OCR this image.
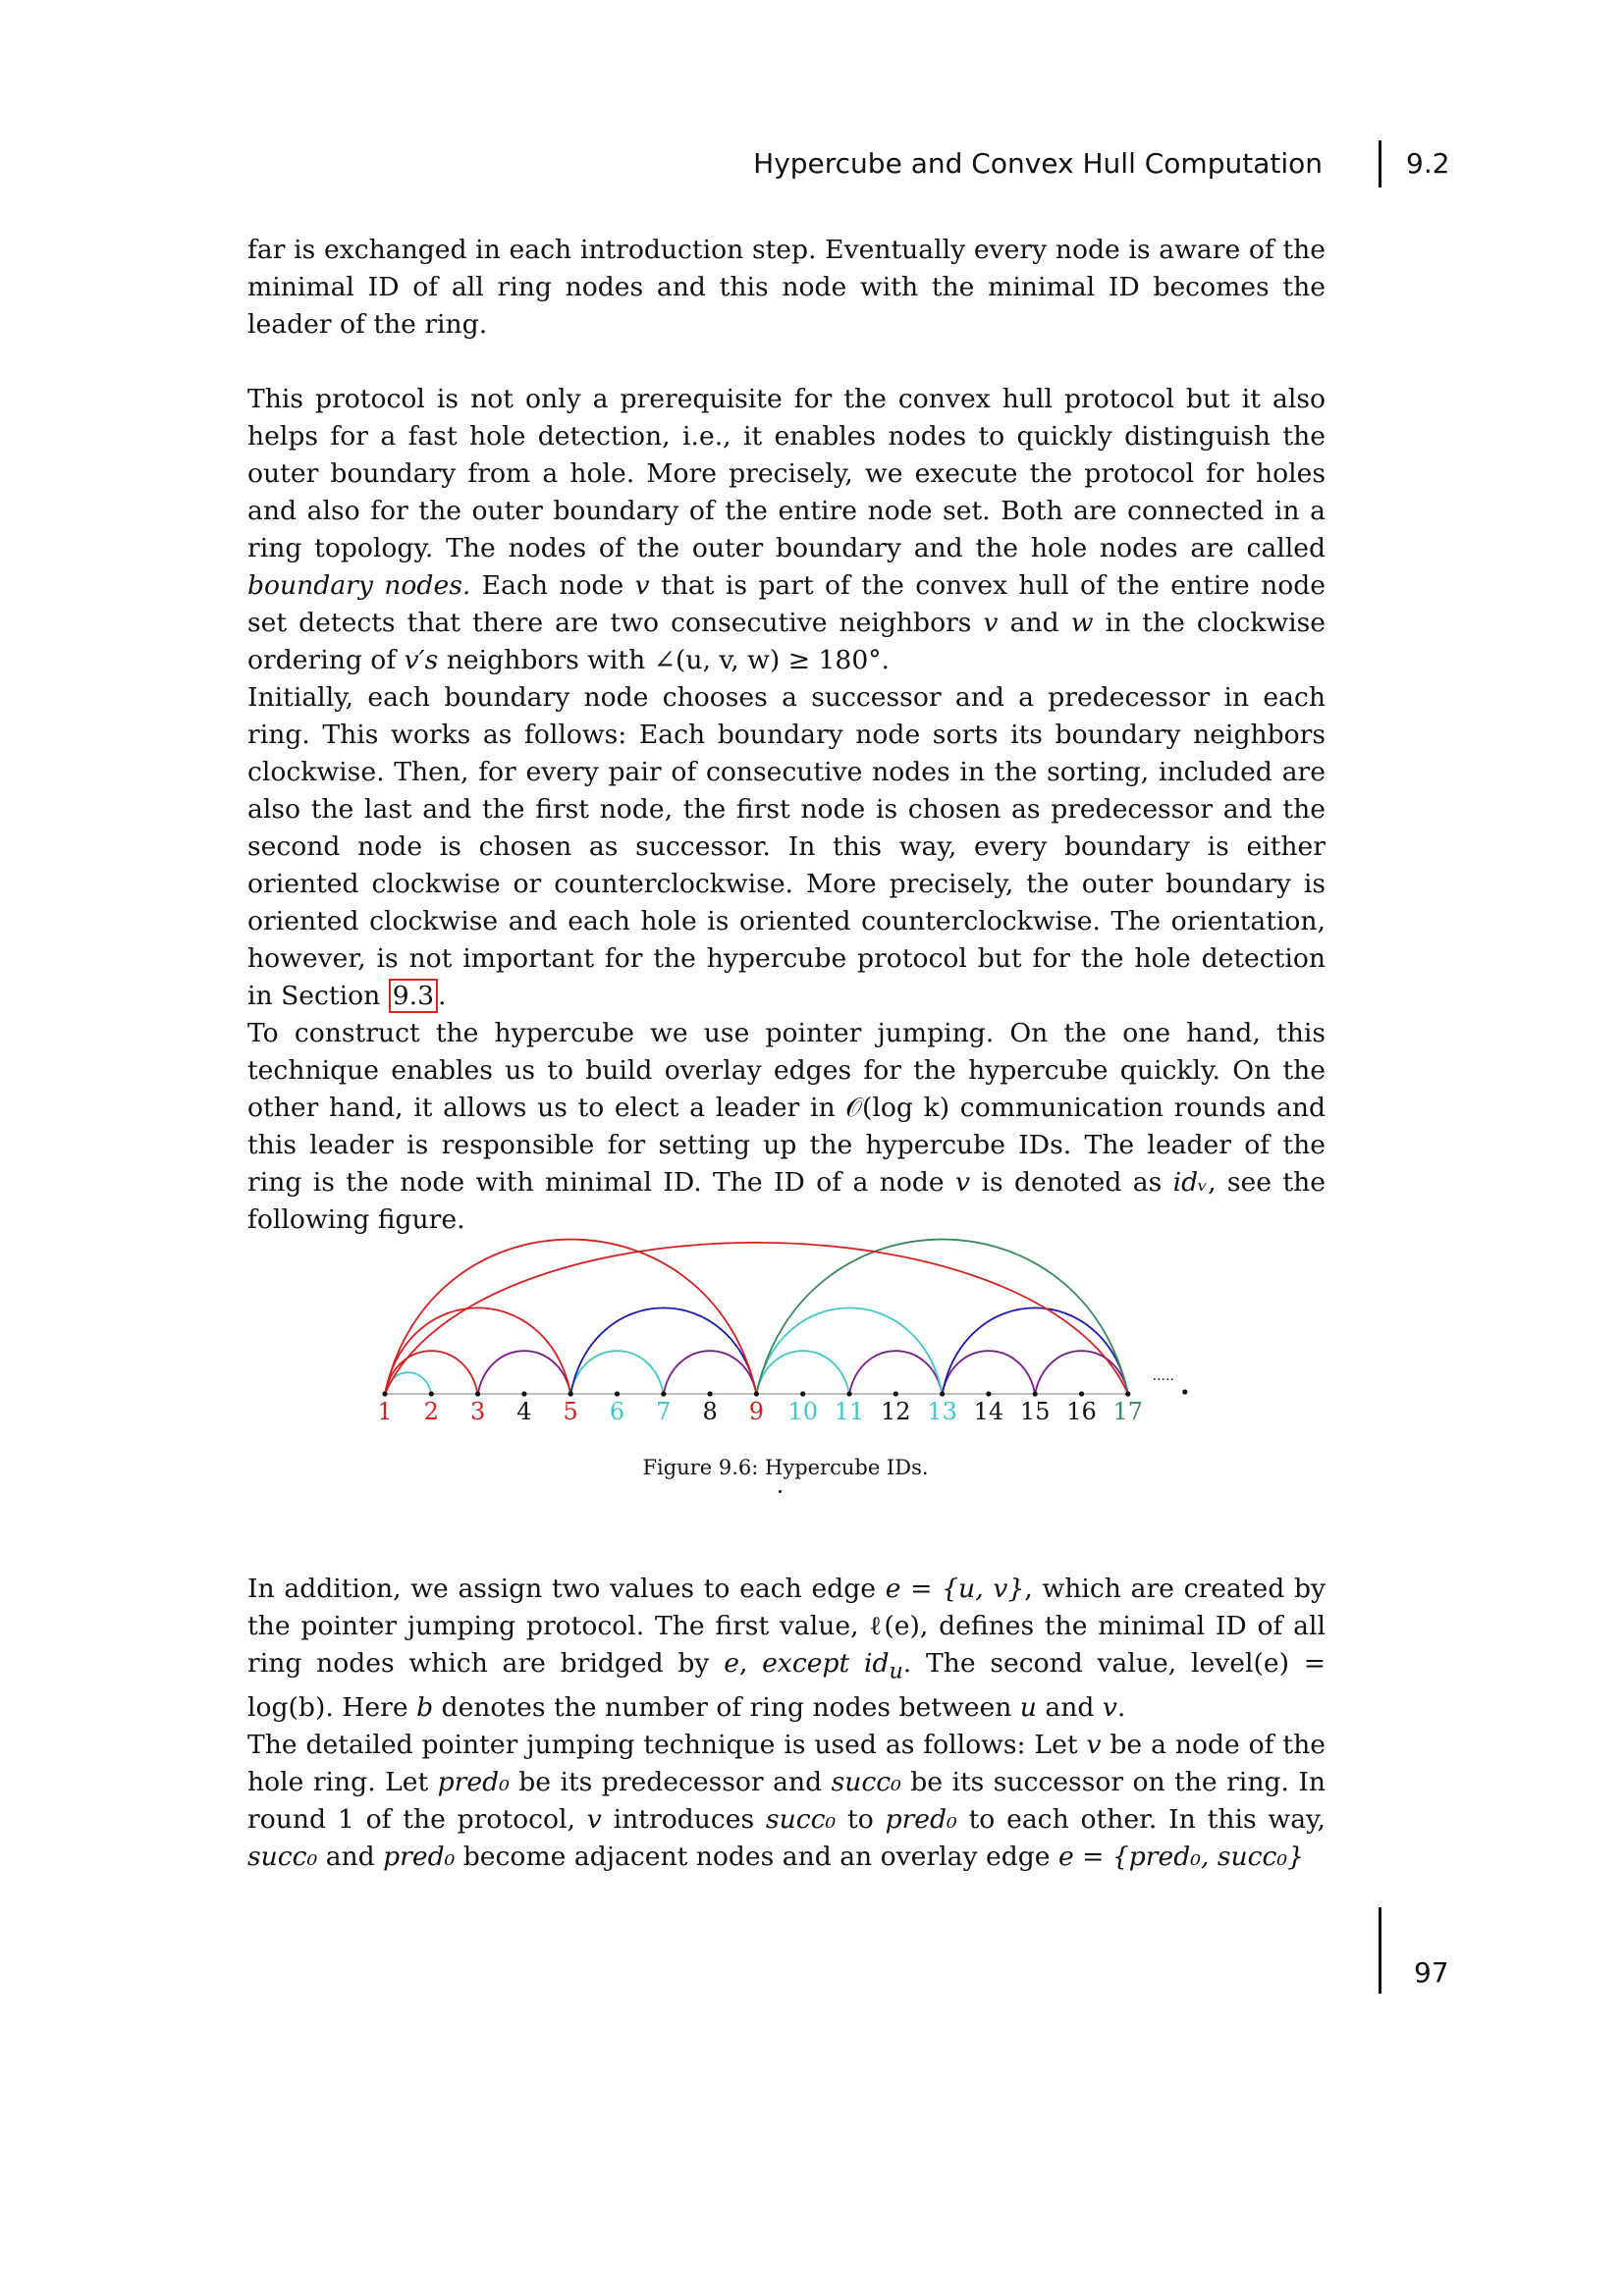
Hypercube and Convex Hull Computation	9.2

far is exchanged in each introduction step. Eventually every node is aware of the minimal ID of all ring nodes and this node with the minimal ID becomes the leader of the ring.

This protocol is not only a prerequisite for the convex hull protocol but it also helps for a fast hole detection, i.e., it enables nodes to quickly distinguish the outer boundary from a hole. More precisely, we execute the protocol for holes and also for the outer boundary of the entire node set. Both are connected in a ring topology. The nodes of the outer boundary and the hole nodes are called boundary nodes. Each node v that is part of the convex hull of the entire node set detects that there are two consecutive neighbors v and w in the clockwise ordering of v′s neighbors with ∠(u, v, w) ≥ 180°.

Initially, each boundary node chooses a successor and a predecessor in each ring. This works as follows: Each boundary node sorts its boundary neighbors clockwise. Then, for every pair of consecutive nodes in the sorting, included are also the last and the first node, the first node is chosen as predecessor and the second node is chosen as successor. In this way, every boundary is either oriented clockwise or counterclockwise. More precisely, the outer boundary is oriented clockwise and each hole is oriented counterclockwise. The orientation, however, is not important for the hypercube protocol but for the hole detection in Section 9.3 .

To construct the hypercube we use pointer jumping. On the one hand, this technique enables us to build overlay edges for the hypercube quickly. On the other hand, it allows us to elect a leader in 𝒪(log k) communication rounds and this leader is responsible for setting up the hypercube IDs. The leader of the ring is the node with minimal ID. The ID of a node v is denoted as idᵥ, see the following figure.

1 2 3 4 5 6 7 8 9 10 11 12 13 14 15 16 17
.....
Figure 9.6: Hypercube IDs.

In addition, we assign two values to each edge e = {u, v}, which are created by the pointer jumping protocol. The first value, ℓ(e), defines the minimal ID of all ring nodes which are bridged by e, except $id_u$. The second value, level(e) = log(b). Here b denotes the number of ring nodes between u and v.

The detailed pointer jumping technique is used as follows: Let v be a node of the hole ring. Let pred₀ be its predecessor and succ₀ be its successor on the ring. In round 1 of the protocol, v introduces succ₀ to pred₀ to each other. In this way, succ₀ and pred₀ become adjacent nodes and an overlay edge e = {pred₀, succ₀}

97
